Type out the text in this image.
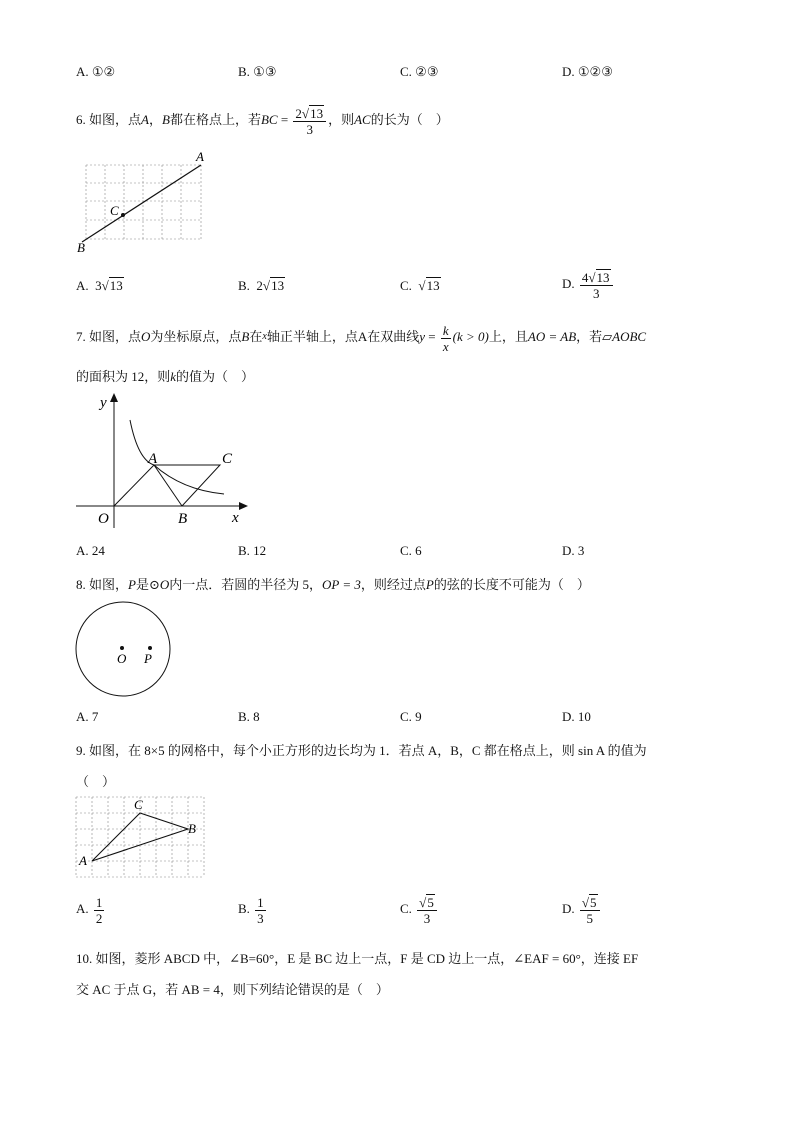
A. ①②	B. ①③	C. ②③	D. ①②③
6. 如图，点A，B都在格点上，若BC = $\frac{2√13}{3}$ ，则AC的长为（　）
A
B
C
A. 3√13	B. 2√13	C. √13	D. $\frac{4√13}{3}$
7. 如图，点O为坐标原点，点B在$^x$轴正半轴上，点A在双曲线$y = \frac{k}{x} (k > 0)$上，且AO = AB，若▱AOBC
的面积为 12，则k的值为（　）
y
x
O
A
B
C
A. 24	B. 12	C. 6	D. 3
8. 如图，P是⊙O内一点．若圆的半径为 5，OP = 3，则经过点P的弦的长度不可能为（　）
O P
A. 7	B. 8	C. 9	D. 10
9. 如图，在 8×5 的网格中，每个小正方形的边长均为 1．若点 A，B，C 都在格点上，则 sin A 的值为
（　）
A
C
B
A. $\frac{1}{2}$	B. $\frac{1}{3}$	C. $\frac{√5}{3}$	D. $\frac{√5}{5}$
10. 如图，菱形 ABCD 中，∠B=60°，E 是 BC 边上一点，F 是 CD 边上一点，∠EAF = 60°，连接 EF
交 AC 于点 G，若 AB = 4，则下列结论错误的是（　）
